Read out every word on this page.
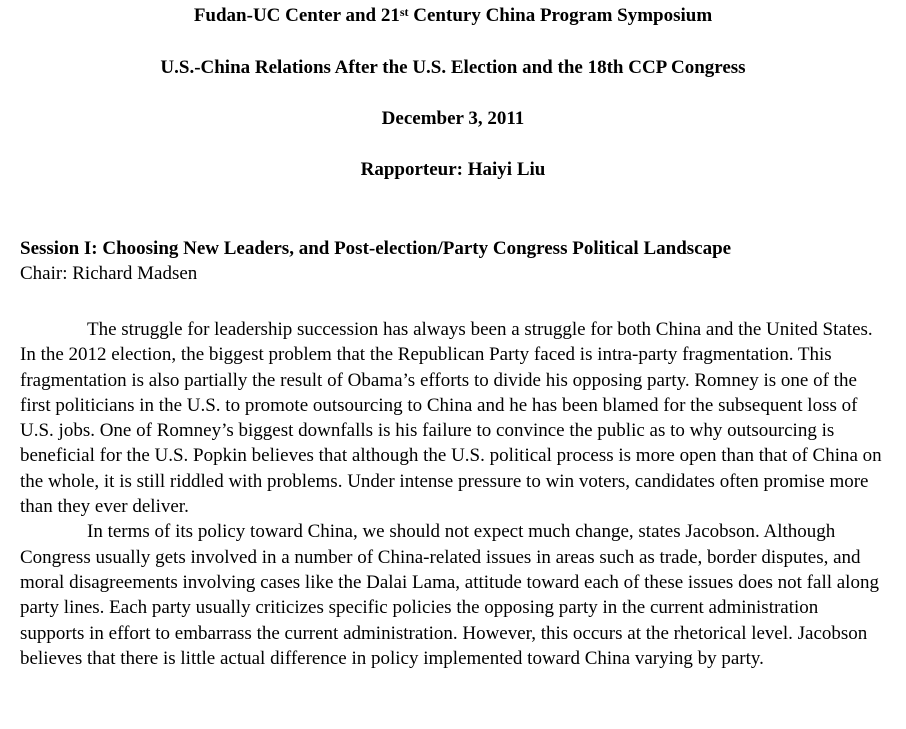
Fudan-UC Center and 21st Century China Program Symposium

U.S.-China Relations After the U.S. Election and the 18th CCP Congress

December 3, 2011

Rapporteur: Haiyi Liu

Session I: Choosing New Leaders, and Post-election/Party Congress Political Landscape

Chair: Richard Madsen

The struggle for leadership succession has always been a struggle for both China and the United States. In the 2012 election, the biggest problem that the Republican Party faced is intra-party fragmentation. This fragmentation is also partially the result of Obama’s efforts to divide his opposing party. Romney is one of the first politicians in the U.S. to promote outsourcing to China and he has been blamed for the subsequent loss of U.S. jobs. One of Romney’s biggest downfalls is his failure to convince the public as to why outsourcing is beneficial for the U.S. Popkin believes that although the U.S. political process is more open than that of China on the whole, it is still riddled with problems. Under intense pressure to win voters, candidates often promise more than they ever deliver.

In terms of its policy toward China, we should not expect much change, states Jacobson. Although Congress usually gets involved in a number of China-related issues in areas such as trade, border disputes, and moral disagreements involving cases like the Dalai Lama, attitude toward each of these issues does not fall along party lines. Each party usually criticizes specific policies the opposing party in the current administration supports in effort to embarrass the current administration. However, this occurs at the rhetorical level. Jacobson believes that there is little actual difference in policy implemented toward China varying by party.
